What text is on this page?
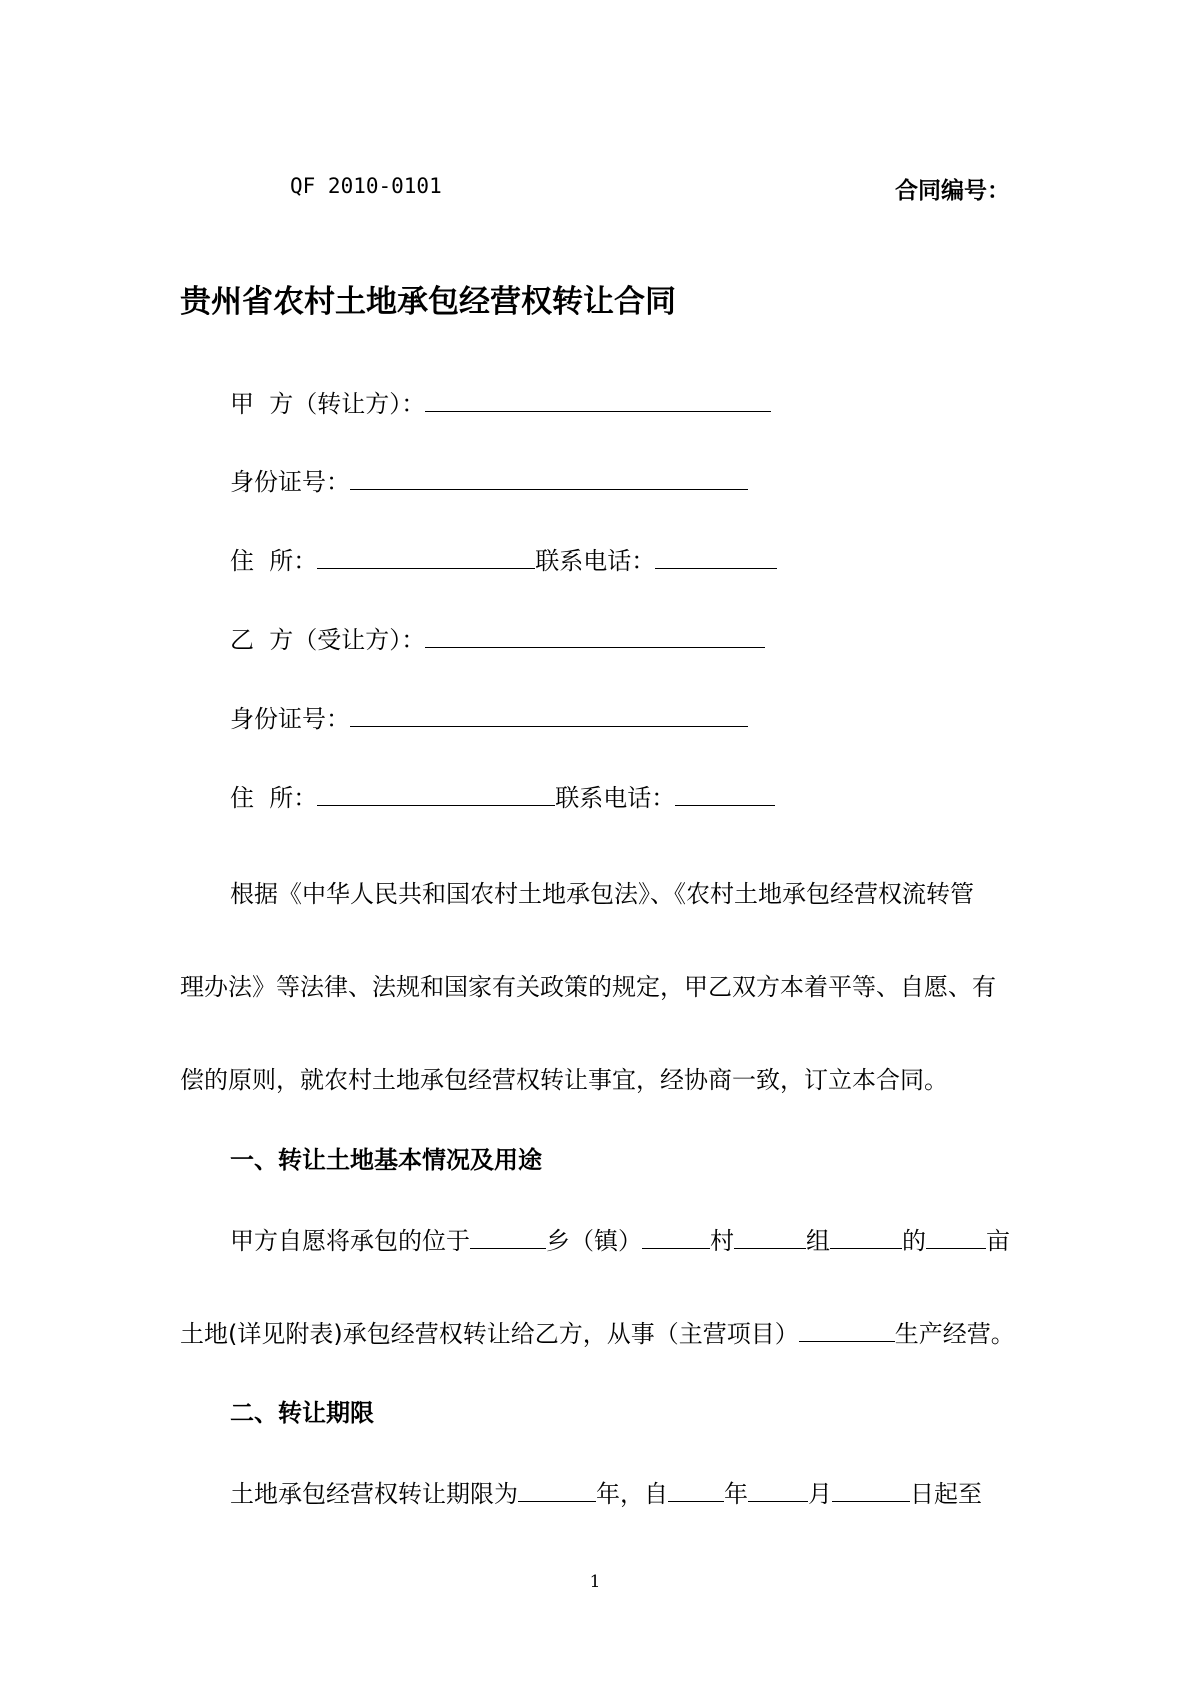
QF 2010-0101	合同编号：
贵州省农村土地承包经营权转让合同
甲  方（转让方）：
身份证号：
住  所：	联系电话：
乙  方（受让方）：
身份证号：
住  所：	联系电话：
根据《中华人民共和国农村土地承包法》、《农村土地承包经营权流转管
理办法》等法律、法规和国家有关政策的规定，甲乙双方本着平等、自愿、有
偿的原则，就农村土地承包经营权转让事宜，经协商一致，订立本合同。
一、转让土地基本情况及用途
甲方自愿将承包的位于	乡（镇）	村	组	的	亩
土地(详见附表)承包经营权转让给乙方，从事（主营项目）	生产经营。
二、转让期限
土地承包经营权转让期限为	年，自 年	月	日起至
1
